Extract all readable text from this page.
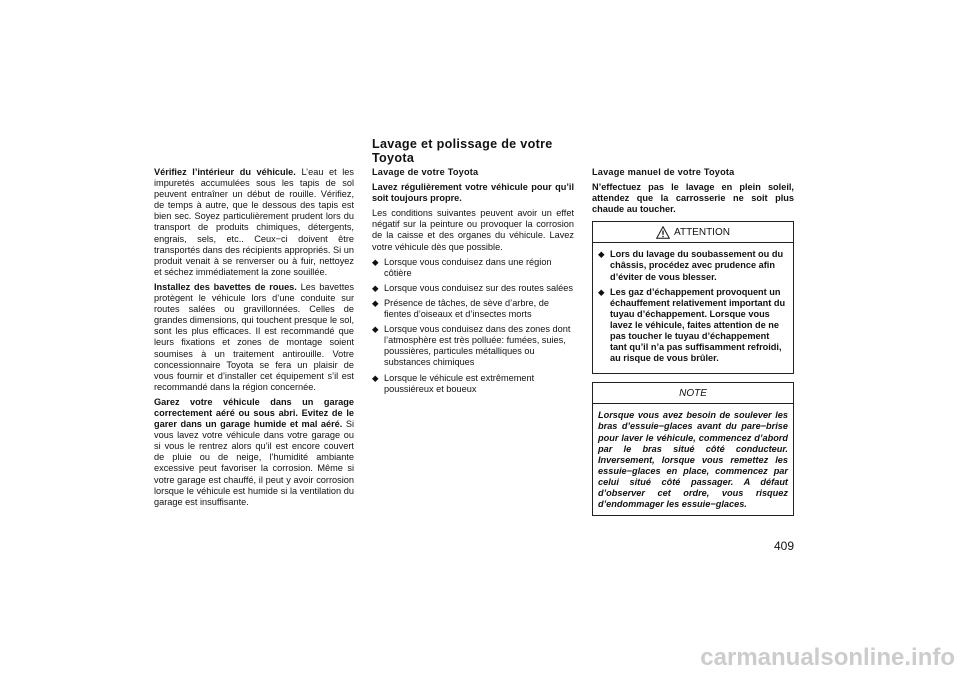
Lavage et polissage de votre Toyota

Vérifiez l’intérieur du véhicule. L’eau et les impuretés accumulées sous les tapis de sol peuvent entraîner un début de rouille. Vérifiez, de temps à autre, que le dessous des tapis est bien sec. Soyez particulièrement prudent lors du transport de produits chimiques, détergents, engrais, sels, etc.. Ceux−ci doivent être transportés dans des récipients appropriés. Si un produit venait à se renverser ou à fuir, nettoyez et séchez immédiatement la zone souillée.

Installez des bavettes de roues. Les bavettes protègent le véhicule lors d’une conduite sur routes salées ou gravillonnées. Celles de grandes dimensions, qui touchent presque le sol, sont les plus efficaces. Il est recommandé que leurs fixations et zones de montage soient soumises à un traitement antirouille. Votre concessionnaire Toyota se fera un plaisir de vous fournir et d’installer cet équipement s’il est recommandé dans la région concernée.

Garez votre véhicule dans un garage correctement aéré ou sous abri. Evitez de le garer dans un garage humide et mal aéré. Si vous lavez votre véhicule dans votre garage ou si vous le rentrez alors qu’il est encore couvert de pluie ou de neige, l’humidité ambiante excessive peut favoriser la corrosion. Même si votre garage est chauffé, il peut y avoir corrosion lorsque le véhicule est humide si la ventilation du garage est insuffisante.

Lavage de votre Toyota
Lavez régulièrement votre véhicule pour qu’il soit toujours propre.

Les conditions suivantes peuvent avoir un effet négatif sur la peinture ou provoquer la corrosion de la caisse et des organes du véhicule. Lavez votre véhicule dès que possible.

◆ Lorsque vous conduisez dans une région côtière
◆ Lorsque vous conduisez sur des routes salées
◆ Présence de tâches, de sève d’arbre, de fientes d’oiseaux et d’insectes morts
◆ Lorsque vous conduisez dans des zones dont l’atmosphère est très polluée: fumées, suies, poussières, particules métalliques ou substances chimiques
◆ Lorsque le véhicule est extrêmement poussiéreux et boueux
Lavage manuel de votre Toyota
N’effectuez pas le lavage en plein soleil, attendez que la carrosserie ne soit plus chaude au toucher.
ATTENTION
◆ Lors du lavage du soubassement ou du châssis, procédez avec prudence afin d’éviter de vous blesser.
◆ Les gaz d’échappement provoquent un échauffement relativement important du tuyau d’échappement. Lorsque vous lavez le véhicule, faites attention de ne pas toucher le tuyau d’échappement tant qu’il n’a pas suffisamment refroidi, au risque de vous brûler.
NOTE
Lorsque vous avez besoin de soulever les bras d’essuie−glaces avant du pare−brise pour laver le véhicule, commencez d’abord par le bras situé côté conducteur. Inversement, lorsque vous remettez les essuie−glaces en place, commencez par celui situé côté passager. A défaut d’observer cet ordre, vous risquez d’endommager les essuie−glaces.
409
carmanualsonline.info
